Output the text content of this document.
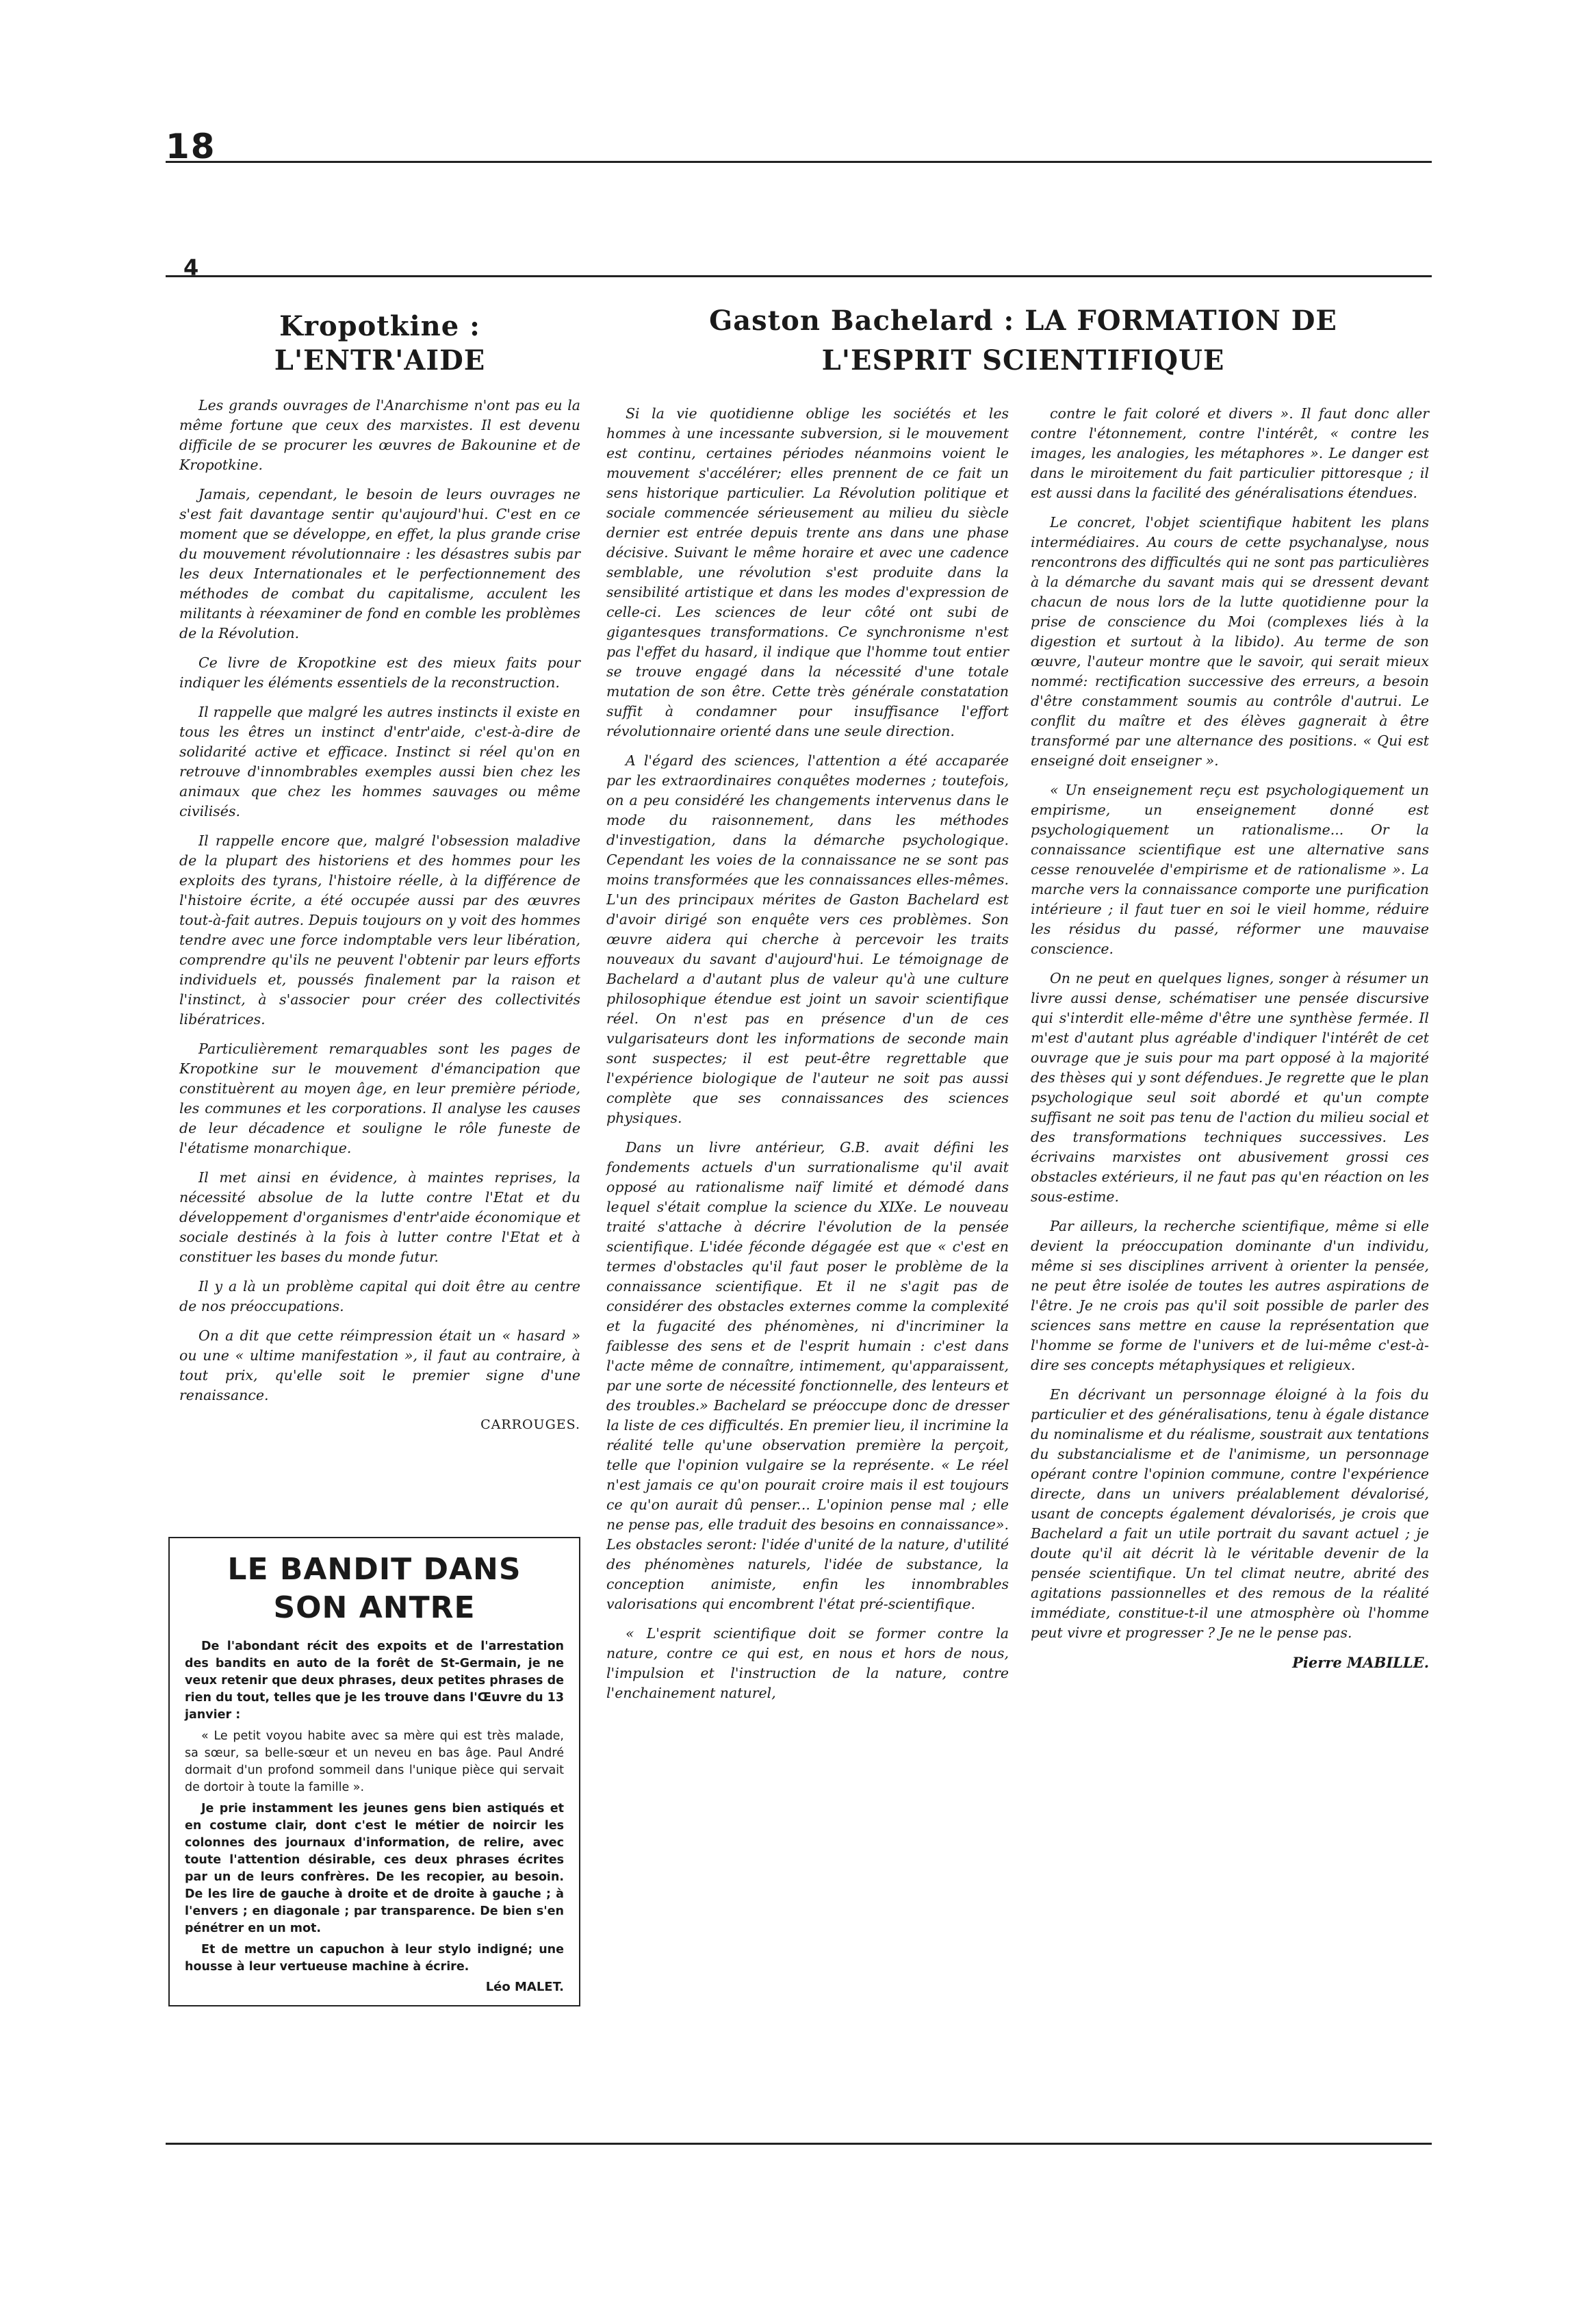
18
4
Kropotkine : L'ENTR'AIDE

Les grands ouvrages de l'Anarchisme n'ont pas eu la même fortune que ceux des marxistes. Il est devenu difficile de se procurer les œuvres de Bakounine et de Kropotkine.

Jamais, cependant, le besoin de leurs ouvrages ne s'est fait davantage sentir qu'aujourd'hui. C'est en ce moment que se développe, en effet, la plus grande crise du mouvement révolutionnaire : les désastres subis par les deux Internationales et le perfectionnement des méthodes de combat du capitalisme, acculent les militants à réexaminer de fond en comble les problèmes de la Révolution.

Ce livre de Kropotkine est des mieux faits pour indiquer les éléments essentiels de la reconstruction.

Il rappelle que malgré les autres instincts il existe en tous les êtres un instinct d'entr'aide, c'est-à-dire de solidarité active et efficace. Instinct si réel qu'on en retrouve d'innombrables exemples aussi bien chez les animaux que chez les hommes sauvages ou même civilisés.

Il rappelle encore que, malgré l'obsession maladive de la plupart des historiens et des hommes pour les exploits des tyrans, l'histoire réelle, à la différence de l'histoire écrite, a été occupée aussi par des œuvres tout-à-fait autres. Depuis toujours on y voit des hommes tendre avec une force indomptable vers leur libération, comprendre qu'ils ne peuvent l'obtenir par leurs efforts individuels et, poussés finalement par la raison et l'instinct, à s'associer pour créer des collectivités libératrices.

Particulièrement remarquables sont les pages de Kropotkine sur le mouvement d'émancipation que constituèrent au moyen âge, en leur première période, les communes et les corporations. Il analyse les causes de leur décadence et souligne le rôle funeste de l'étatisme monarchique.

Il met ainsi en évidence, à maintes reprises, la nécessité absolue de la lutte contre l'Etat et du développement d'organismes d'entr'aide économique et sociale destinés à la fois à lutter contre l'Etat et à constituer les bases du monde futur.

Il y a là un problème capital qui doit être au centre de nos préoccupations.

On a dit que cette réimpression était un « hasard » ou une « ultime manifestation », il faut au contraire, à tout prix, qu'elle soit le premier signe d'une renaissance.

CARROUGES.
LE BANDIT DANS SON ANTRE

De l'abondant récit des expoits et de l'arrestation des bandits en auto de la forêt de St-Germain, je ne veux retenir que deux phrases, deux petites phrases de rien du tout, telles que je les trouve dans l'Œuvre du 13 janvier :

« Le petit voyou habite avec sa mère qui est très malade, sa sœur, sa belle-sœur et un neveu en bas âge. Paul André dormait d'un profond sommeil dans l'unique pièce qui servait de dortoir à toute la famille ».

Je prie instamment les jeunes gens bien astiqués et en costume clair, dont c'est le métier de noircir les colonnes des journaux d'information, de relire, avec toute l'attention désirable, ces deux phrases écrites par un de leurs confrères. De les recopier, au besoin. De les lire de gauche à droite et de droite à gauche ; à l'envers ; en diagonale ; par transparence. De bien s'en pénétrer en un mot.

Et de mettre un capuchon à leur stylo indigné; une housse à leur vertueuse machine à écrire.

Léo MALET.
Gaston Bachelard : LA FORMATION DE L'ESPRIT SCIENTIFIQUE

Si la vie quotidienne oblige les sociétés et les hommes à une incessante subversion, si le mouvement est continu, certaines périodes néanmoins voient le mouvement s'accélérer; elles prennent de ce fait un sens historique particulier. La Révolution politique et sociale commencée sérieusement au milieu du siècle dernier est entrée depuis trente ans dans une phase décisive. Suivant le même horaire et avec une cadence semblable, une révolution s'est produite dans la sensibilité artistique et dans les modes d'expression de celle-ci. Les sciences de leur côté ont subi de gigantesques transformations. Ce synchronisme n'est pas l'effet du hasard, il indique que l'homme tout entier se trouve engagé dans la nécessité d'une totale mutation de son être. Cette très générale constatation suffit à condamner pour insuffisance l'effort révolutionnaire orienté dans une seule direction.

A l'égard des sciences, l'attention a été accaparée par les extraordinaires conquêtes modernes ; toutefois, on a peu considéré les changements intervenus dans le mode du raisonnement, dans les méthodes d'investigation, dans la démarche psychologique. Cependant les voies de la connaissance ne se sont pas moins transformées que les connaissances elles-mêmes. L'un des principaux mérites de Gaston Bachelard est d'avoir dirigé son enquête vers ces problèmes. Son œuvre aidera qui cherche à percevoir les traits nouveaux du savant d'aujourd'hui. Le témoignage de Bachelard a d'autant plus de valeur qu'à une culture philosophique étendue est joint un savoir scientifique réel. On n'est pas en présence d'un de ces vulgarisateurs dont les informations de seconde main sont suspectes; il est peut-être regrettable que l'expérience biologique de l'auteur ne soit pas aussi complète que ses connaissances des sciences physiques.

Dans un livre antérieur, G.B. avait défini les fondements actuels d'un surrationalisme qu'il avait opposé au rationalisme naïf limité et démodé dans lequel s'était complue la science du XIXe. Le nouveau traité s'attache à décrire l'évolution de la pensée scientifique. L'idée féconde dégagée est que « c'est en termes d'obstacles qu'il faut poser le problème de la connaissance scientifique. Et il ne s'agit pas de considérer des obstacles externes comme la complexité et la fugacité des phénomènes, ni d'incriminer la faiblesse des sens et de l'esprit humain : c'est dans l'acte même de connaître, intimement, qu'apparaissent, par une sorte de nécessité fonctionnelle, des lenteurs et des troubles.» Bachelard se préoccupe donc de dresser la liste de ces difficultés. En premier lieu, il incrimine la réalité telle qu'une observation première la perçoit, telle que l'opinion vulgaire se la représente. « Le réel n'est jamais ce qu'on pourait croire mais il est toujours ce qu'on aurait dû penser... L'opinion pense mal ; elle ne pense pas, elle traduit des besoins en connaissance». Les obstacles seront: l'idée d'unité de la nature, d'utilité des phénomènes naturels, l'idée de substance, la conception animiste, enfin les innombrables valorisations qui encombrent l'état pré-scientifique.

« L'esprit scientifique doit se former contre la nature, contre ce qui est, en nous et hors de nous, l'impulsion et l'instruction de la nature, contre l'enchainement naturel,

contre le fait coloré et divers ». Il faut donc aller contre l'étonnement, contre l'intérêt, « contre les images, les analogies, les métaphores ». Le danger est dans le miroitement du fait particulier pittoresque ; il est aussi dans la facilité des généralisations étendues.

Le concret, l'objet scientifique habitent les plans intermédiaires. Au cours de cette psychanalyse, nous rencontrons des difficultés qui ne sont pas particulières à la démarche du savant mais qui se dressent devant chacun de nous lors de la lutte quotidienne pour la prise de conscience du Moi (complexes liés à la digestion et surtout à la libido). Au terme de son œuvre, l'auteur montre que le savoir, qui serait mieux nommé: rectification successive des erreurs, a besoin d'être constamment soumis au contrôle d'autrui. Le conflit du maître et des élèves gagnerait à être transformé par une alternance des positions. « Qui est enseigné doit enseigner ».

« Un enseignement reçu est psychologiquement un empirisme, un enseignement donné est psychologiquement un rationalisme... Or la connaissance scientifique est une alternative sans cesse renouvelée d'empirisme et de rationalisme ». La marche vers la connaissance comporte une purification intérieure ; il faut tuer en soi le vieil homme, réduire les résidus du passé, réformer une mauvaise conscience.

On ne peut en quelques lignes, songer à résumer un livre aussi dense, schématiser une pensée discursive qui s'interdit elle-même d'être une synthèse fermée. Il m'est d'autant plus agréable d'indiquer l'intérêt de cet ouvrage que je suis pour ma part opposé à la majorité des thèses qui y sont défendues. Je regrette que le plan psychologique seul soit abordé et qu'un compte suffisant ne soit pas tenu de l'action du milieu social et des transformations techniques successives. Les écrivains marxistes ont abusivement grossi ces obstacles extérieurs, il ne faut pas qu'en réaction on les sous-estime.

Par ailleurs, la recherche scientifique, même si elle devient la préoccupation dominante d'un individu, même si ses disciplines arrivent à orienter la pensée, ne peut être isolée de toutes les autres aspirations de l'être. Je ne crois pas qu'il soit possible de parler des sciences sans mettre en cause la représentation que l'homme se forme de l'univers et de lui-même c'est-à-dire ses concepts métaphysiques et religieux.

En décrivant un personnage éloigné à la fois du particulier et des généralisations, tenu à égale distance du nominalisme et du réalisme, soustrait aux tentations du substancialisme et de l'animisme, un personnage opérant contre l'opinion commune, contre l'expérience directe, dans un univers préalablement dévalorisé, usant de concepts également dévalorisés, je crois que Bachelard a fait un utile portrait du savant actuel ; je doute qu'il ait décrit là le véritable devenir de la pensée scientifique. Un tel climat neutre, abrité des agitations passionnelles et des remous de la réalité immédiate, constitue-t-il une atmosphère où l'homme peut vivre et progresser ? Je ne le pense pas.

Pierre MABILLE.
